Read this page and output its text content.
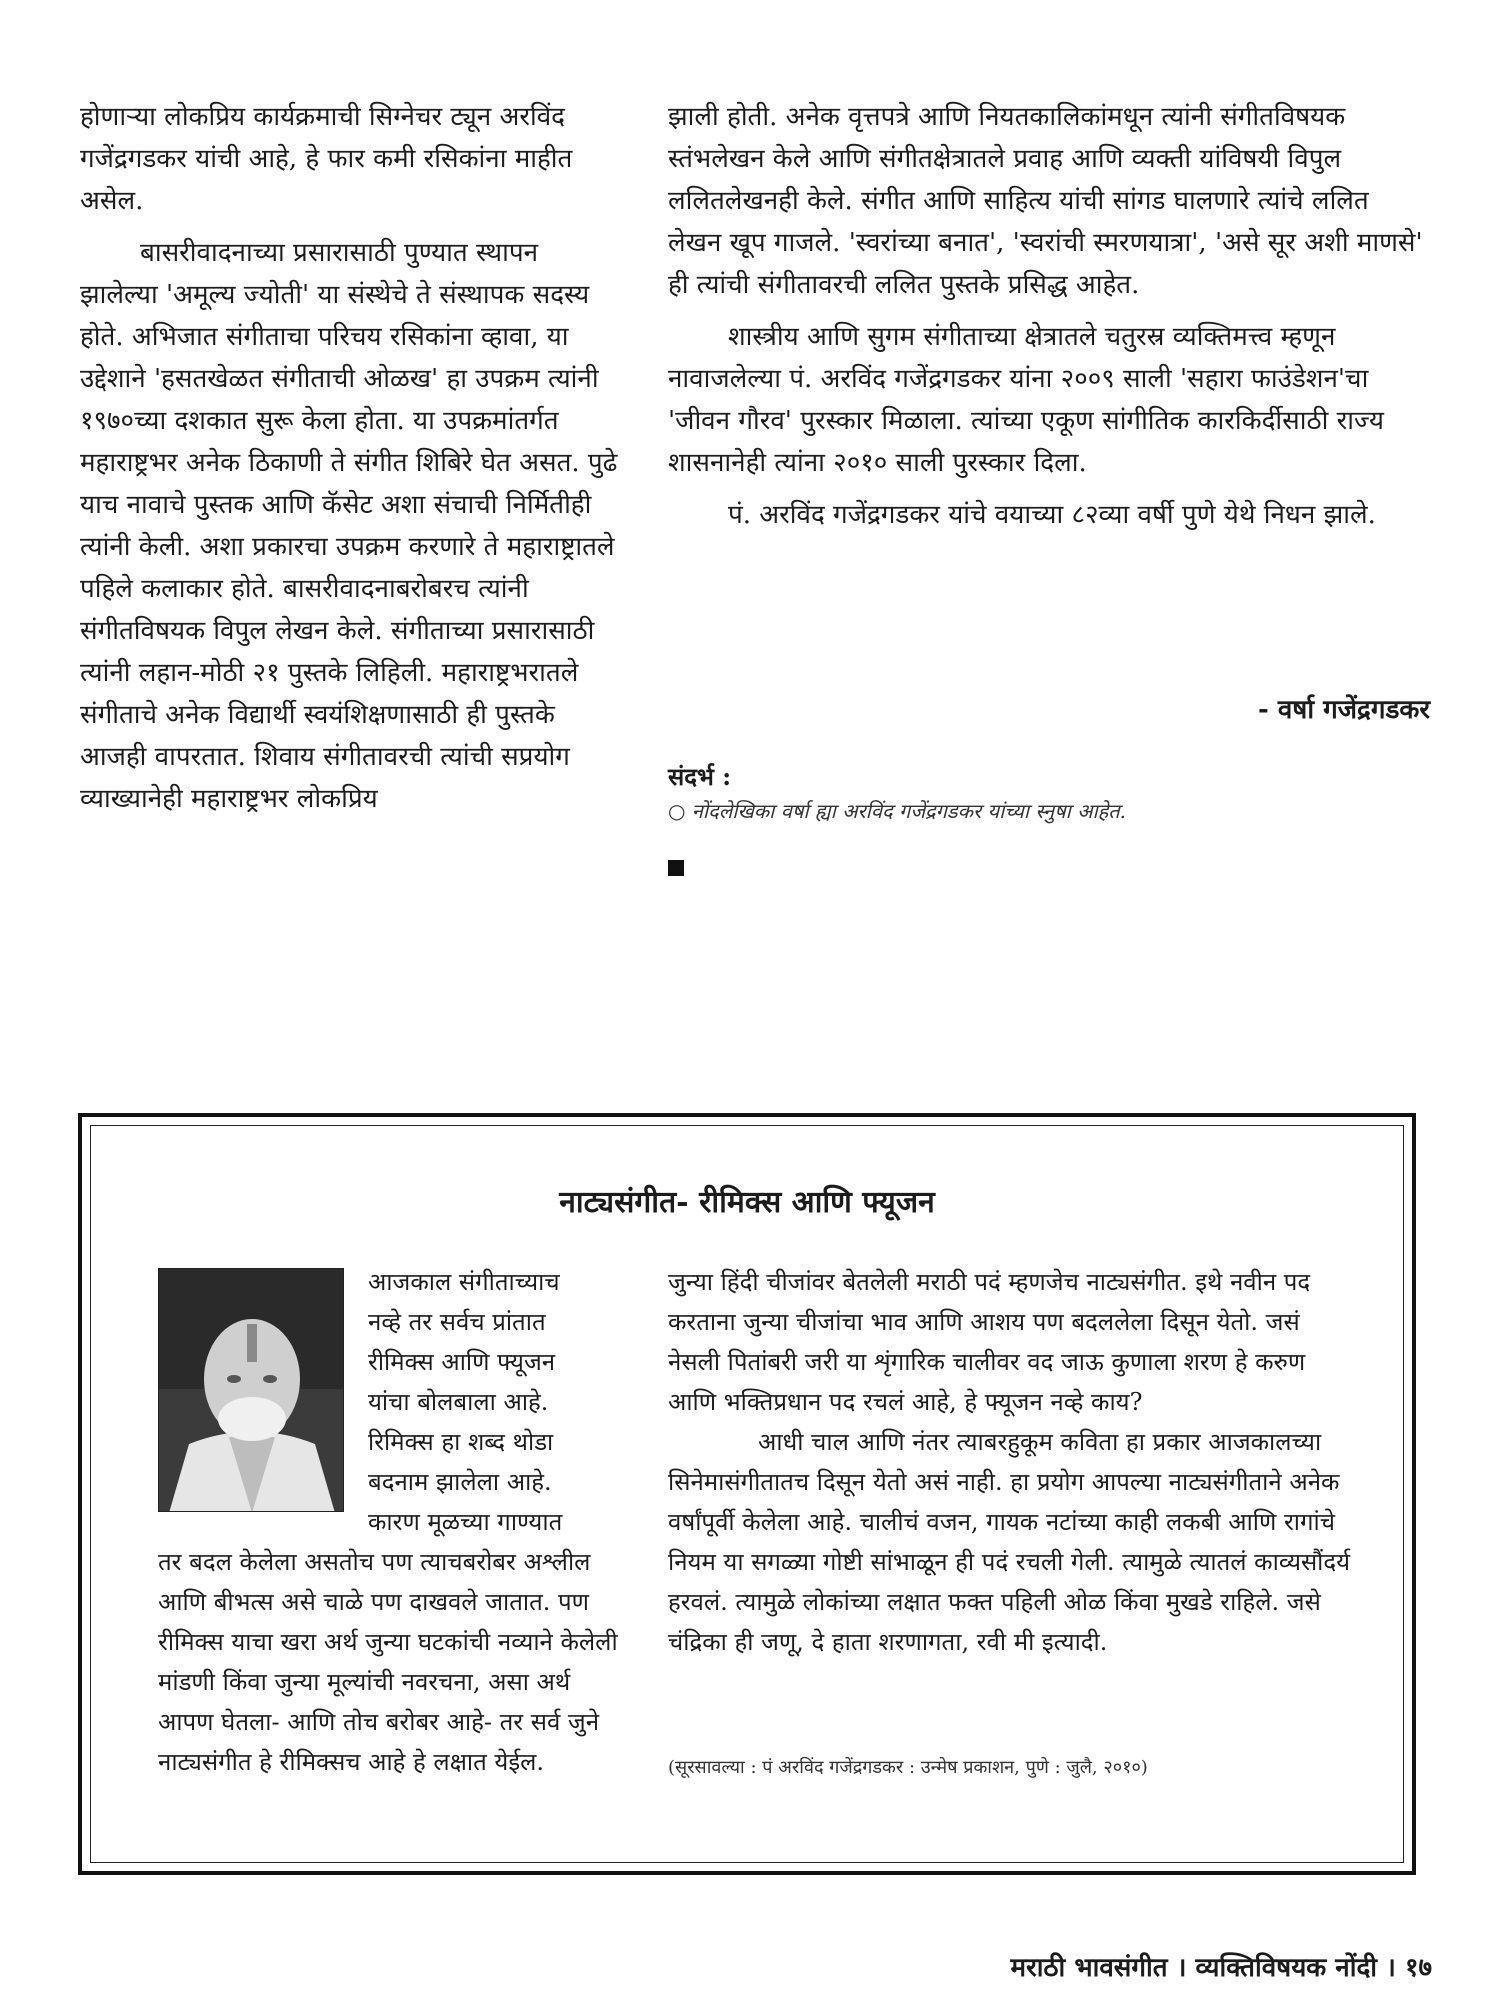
होणाऱ्या लोकप्रिय कार्यक्रमाची सिग्नेचर ट्यून अरविंद गजेंद्रगडकर यांची आहे, हे फार कमी रसिकांना माहीत असेल.

बासरीवादनाच्या प्रसारासाठी पुण्यात स्थापन झालेल्या 'अमूल्य ज्योती' या संस्थेचे ते संस्थापक सदस्य होते. अभिजात संगीताचा परिचय रसिकांना व्हावा, या उद्देशाने 'हसतखेळत संगीताची ओळख' हा उपक्रम त्यांनी १९७०च्या दशकात सुरू केला होता. या उपक्रमांतर्गत महाराष्ट्रभर अनेक ठिकाणी ते संगीत शिबिरे घेत असत. पुढे याच नावाचे पुस्तक आणि कॅसेट अशा संचाची निर्मितीही त्यांनी केली. अशा प्रकारचा उपक्रम करणारे ते महाराष्ट्रातले पहिले कलाकार होते. बासरीवादनाबरोबरच त्यांनी संगीतविषयक विपुल लेखन केले. संगीताच्या प्रसारासाठी त्यांनी लहान-मोठी २१ पुस्तके लिहिली. महाराष्ट्रभरातले संगीताचे अनेक विद्यार्थी स्वयंशिक्षणासाठी ही पुस्तके आजही वापरतात. शिवाय संगीतावरची त्यांची सप्रयोग व्याख्यानेही महाराष्ट्रभर लोकप्रिय

झाली होती. अनेक वृत्तपत्रे आणि नियतकालिकांमधून त्यांनी संगीतविषयक स्तंभलेखन केले आणि संगीतक्षेत्रातले प्रवाह आणि व्यक्ती यांविषयी विपुल ललितलेखनही केले. संगीत आणि साहित्य यांची सांगड घालणारे त्यांचे ललित लेखन खूप गाजले. 'स्वरांच्या बनात', 'स्वरांची स्मरणयात्रा', 'असे सूर अशी माणसे' ही त्यांची संगीतावरची ललित पुस्तके प्रसिद्ध आहेत.

शास्त्रीय आणि सुगम संगीताच्या क्षेत्रातले चतुरस्र व्यक्तिमत्त्व म्हणून नावाजलेल्या पं. अरविंद गजेंद्रगडकर यांना २००९ साली 'सहारा फाउंडेशन'चा 'जीवन गौरव' पुरस्कार मिळाला. त्यांच्या एकूण सांगीतिक कारकिर्दीसाठी राज्य शासनानेही त्यांना २०१० साली पुरस्कार दिला.

पं. अरविंद गजेंद्रगडकर यांचे वयाच्या ८२व्या वर्षी पुणे येथे निधन झाले.

- वर्षा गजेंद्रगडकर

संदर्भ :

○ नोंदलेखिका वर्षा ह्या अरविंद गजेंद्रगडकर यांच्या स्नुषा आहेत.

नाट्यसंगीत- रीमिक्स आणि फ्यूजन

आजकाल संगीताच्याच नव्हे तर सर्वच प्रांतात रीमिक्स आणि फ्यूजन यांचा बोलबाला आहे. रिमिक्स हा शब्द थोडा बदनाम झालेला आहे. कारण मूळच्या गाण्यात

तर बदल केलेला असतोच पण त्याचबरोबर अश्लील आणि बीभत्स असे चाळे पण दाखवले जातात. पण रीमिक्स याचा खरा अर्थ जुन्या घटकांची नव्याने केलेली मांडणी किंवा जुन्या मूल्यांची नवरचना, असा अर्थ आपण घेतला- आणि तोच बरोबर आहे- तर सर्व जुने नाट्यसंगीत हे रीमिक्सच आहे हे लक्षात येईल.

जुन्या हिंदी चीजांवर बेतलेली मराठी पदं म्हणजेच नाट्यसंगीत. इथे नवीन पद करताना जुन्या चीजांचा भाव आणि आशय पण बदललेला दिसून येतो. जसं नेसली पितांबरी जरी या शृंगारिक चालीवर वद जाऊ कुणाला शरण हे करुण आणि भक्तिप्रधान पद रचलं आहे, हे फ्यूजन नव्हे काय?

आधी चाल आणि नंतर त्याबरहुकूम कविता हा प्रकार आजकालच्या सिनेमासंगीतातच दिसून येतो असं नाही. हा प्रयोग आपल्या नाट्यसंगीताने अनेक वर्षांपूर्वी केलेला आहे. चालीचं वजन, गायक नटांच्या काही लकबी आणि रागांचे नियम या सगळ्या गोष्टी सांभाळून ही पदं रचली गेली. त्यामुळे त्यातलं काव्यसौंदर्य हरवलं. त्यामुळे लोकांच्या लक्षात फक्त पहिली ओळ किंवा मुखडे राहिले. जसे चंद्रिका ही जणू, दे हाता शरणागता, रवी मी इत्यादी.

(सूरसावल्या : पं अरविंद गजेंद्रगडकर : उन्मेष प्रकाशन, पुणे : जुलै, २०१०)

मराठी भावसंगीत । व्यक्तिविषयक नोंदी । १७
